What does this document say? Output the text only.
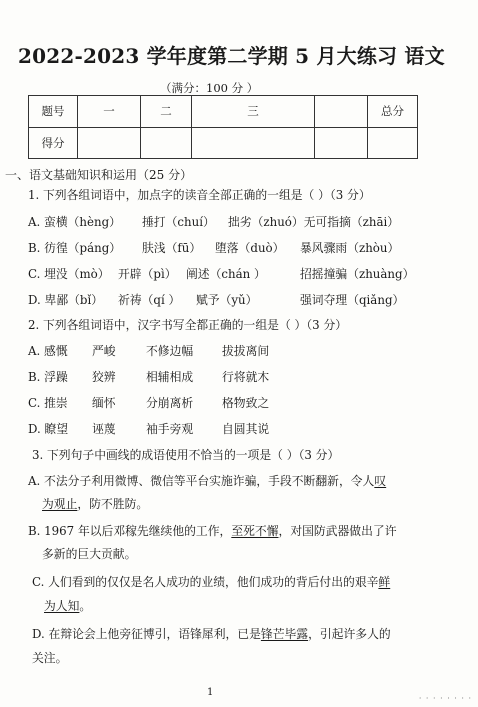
2022-2023 学年度第二学期 5 月大练习 语文
（满分：100 分 ）
题号	一	二	三		总分
得分					
一、语文基础知识和运用（25 分）
1. 下列各组词语中，加点字的读音全部正确的一组是（ ）（3 分）
A. 蛮横（hèng） 捶打（chuí） 拙劣（zhuó）无可指摘（zhāi）
B. 彷徨（páng） 肤浅（fū） 堕落（duò） 暴风骤雨（zhòu）
C. 埋没（mò） 开辟（pì） 阐述（chán ）	招摇撞骗（zhuàng）
D. 卑鄙（bǐ） 祈祷（qí ） 赋予（yǔ）	强词夺理（qiǎng）
2. 下列各组词语中，汉字书写全都正确的一组是（ ）（3 分）
A. 感慨 严峻	不修边幅 拔拔离间
B. 浮躁 狡辨	相辅相成 行将就木
C. 推崇 缅怀	分崩离析 格物致之
D. 瞭望 诬蔑	袖手旁观 自圆其说
3. 下列句子中画线的成语使用不恰当的一项是（ ）（3 分）
A. 不法分子利用微博、微信等平台实施诈骗，手段不断翻新，令人叹
为观止，防不胜防。
B. 1967 年以后邓稼先继续他的工作，至死不懈，对国防武器做出了许
多新的巨大贡献。
C. 人们看到的仅仅是名人成功的业绩，他们成功的背后付出的艰辛鲜
为人知。
D. 在辩论会上他旁征博引，语锋犀利，已是锋芒毕露，引起许多人的
关注。
1
· · · · · · · ·
